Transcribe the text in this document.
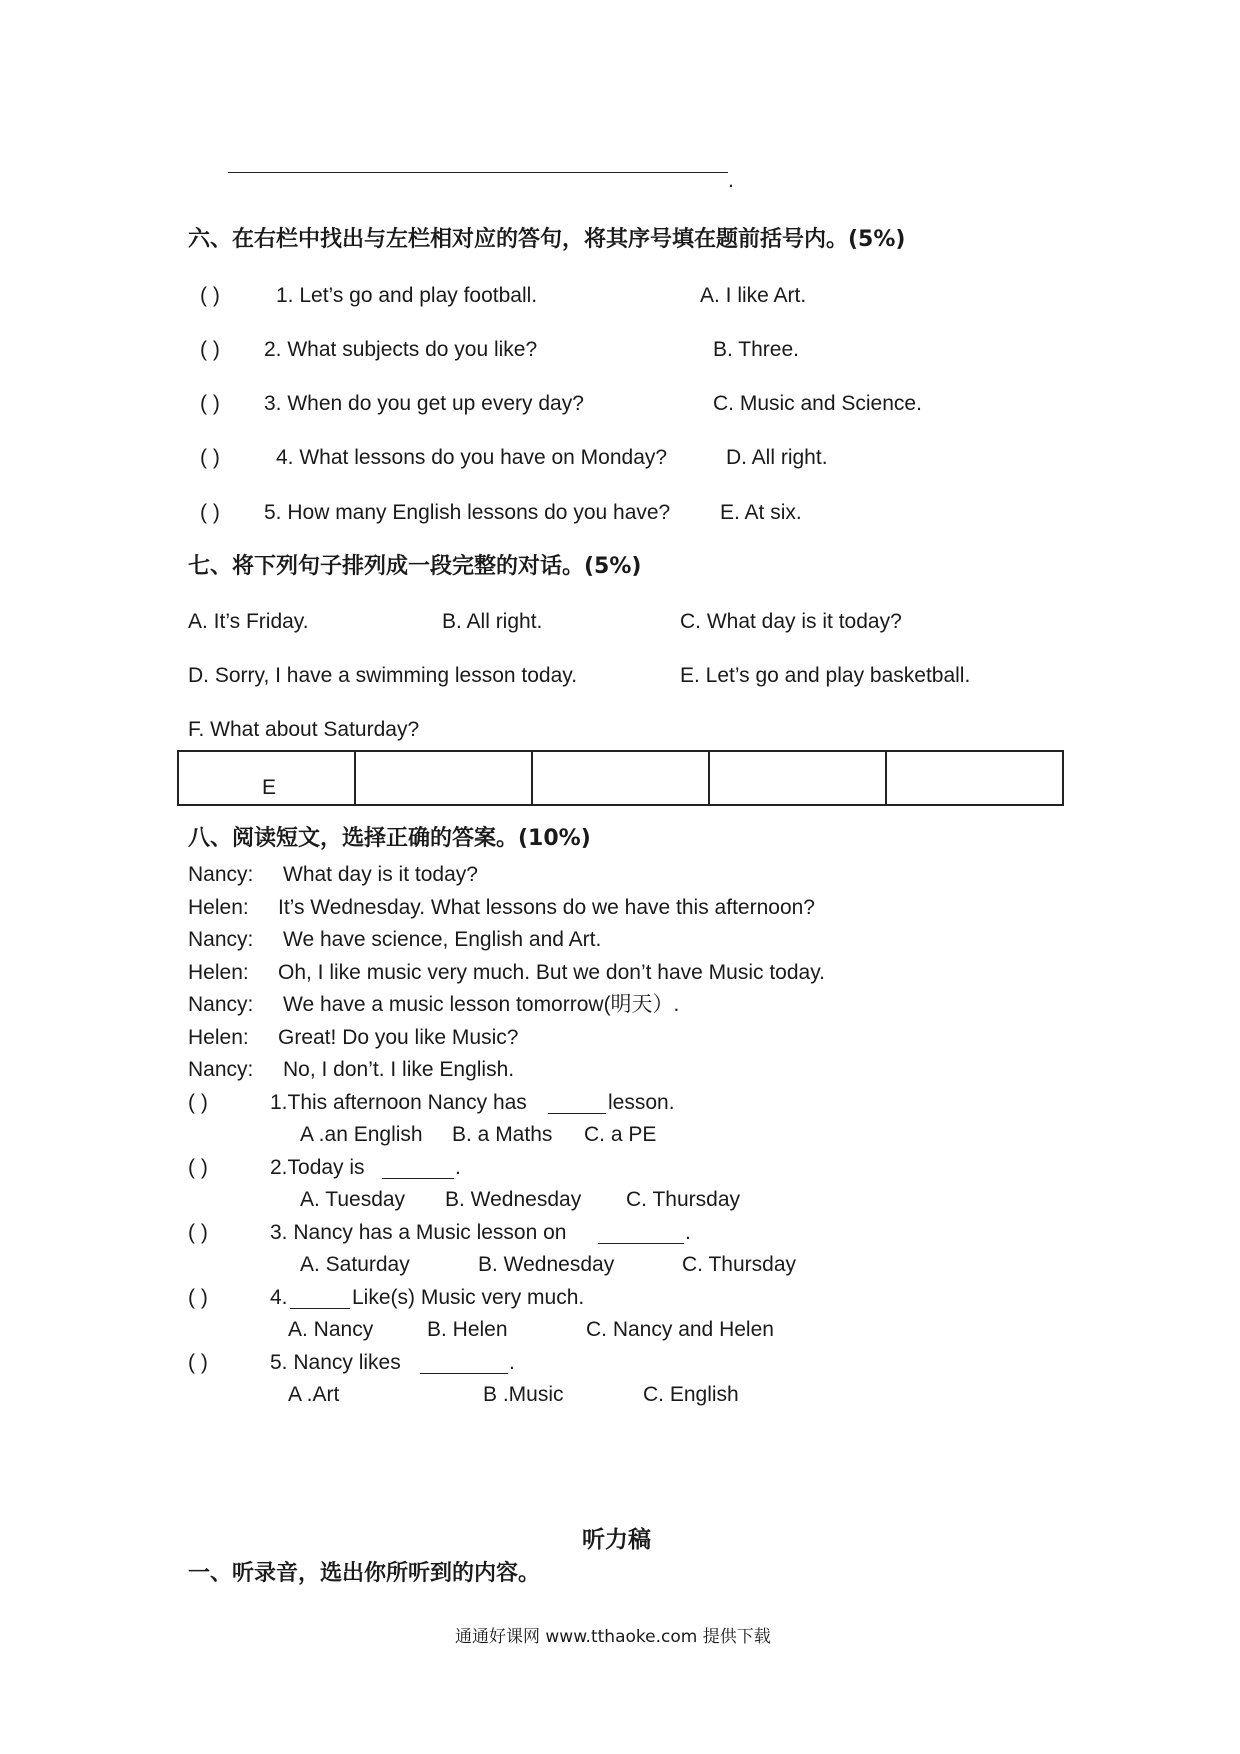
.
六、在右栏中找出与左栏相对应的答句，将其序号填在题前括号内。(5%)
( )	1. Let’s go and play football.	A. I like Art.
( ) 2. What subjects do you like?	B. Three.
( ) 3. When do you get up every day?	C. Music and Science.
( )	4. What lessons do you have on Monday?	D. All right.
( ) 5. How many English lessons do you have? E. At six.
七、将下列句子排列成一段完整的对话。(5%)
A. It’s Friday.	B. All right.	C. What day is it today?
D. Sorry, I have a swimming lesson today.	E. Let’s go and play basketball.
F. What about Saturday?
E				
八、阅读短文，选择正确的答案。(10%)
Nancy: What day is it today?
Helen: It’s Wednesday. What lessons do we have this afternoon?
Nancy: We have science, English and Art.
Helen: Oh, I like music very much. But we don’t have Music today.
Nancy: We have a music lesson tomorrow(明天）.
Helen: Great! Do you like Music?
Nancy: No, I don’t. I like English.
( )	1.This afternoon Nancy has	lesson.
A .an English B. a Maths C. a PE
( )	2.Today is	.
A. Tuesday B. Wednesday C. Thursday
( )	3. Nancy has a Music lesson on	.
A. Saturday	B. Wednesday	C. Thursday
( )	4.	Like(s) Music very much.
A. Nancy	B. Helen	C. Nancy and Helen
( )	5. Nancy likes	.
A .Art	B .Music	C. English
听力稿
一、听录音，选出你所听到的内容。
通通好课网 www.tthaoke.com 提供下载
